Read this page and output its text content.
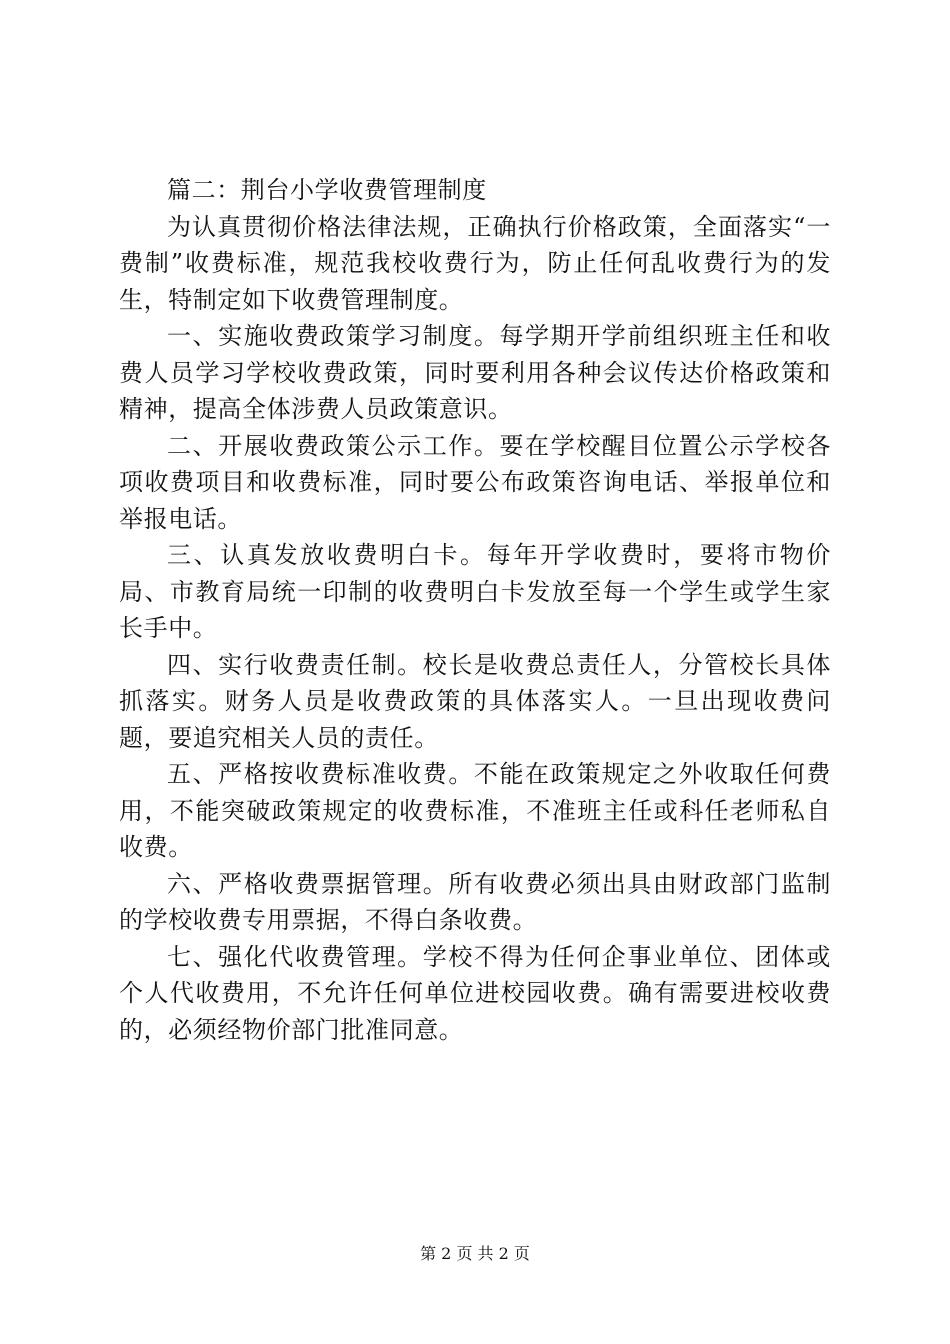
篇二：荆台小学收费管理制度

为认真贯彻价格法律法规，正确执行价格政策，全面落实“一费制”收费标准，规范我校收费行为，防止任何乱收费行为的发生，特制定如下收费管理制度。

一、实施收费政策学习制度。每学期开学前组织班主任和收费人员学习学校收费政策，同时要利用各种会议传达价格政策和精神，提高全体涉费人员政策意识。

二、开展收费政策公示工作。要在学校醒目位置公示学校各项收费项目和收费标准，同时要公布政策咨询电话、举报单位和举报电话。

三、认真发放收费明白卡。每年开学收费时，要将市物价局、市教育局统一印制的收费明白卡发放至每一个学生或学生家长手中。

四、实行收费责任制。校长是收费总责任人，分管校长具体抓落实。财务人员是收费政策的具体落实人。一旦出现收费问题，要追究相关人员的责任。

五、严格按收费标准收费。不能在政策规定之外收取任何费用，不能突破政策规定的收费标准，不准班主任或科任老师私自收费。

六、严格收费票据管理。所有收费必须出具由财政部门监制的学校收费专用票据，不得白条收费。

七、强化代收费管理。学校不得为任何企事业单位、团体或个人代收费用，不允许任何单位进校园收费。确有需要进校收费的，必须经物价部门批准同意。

第 2 页 共 2 页
